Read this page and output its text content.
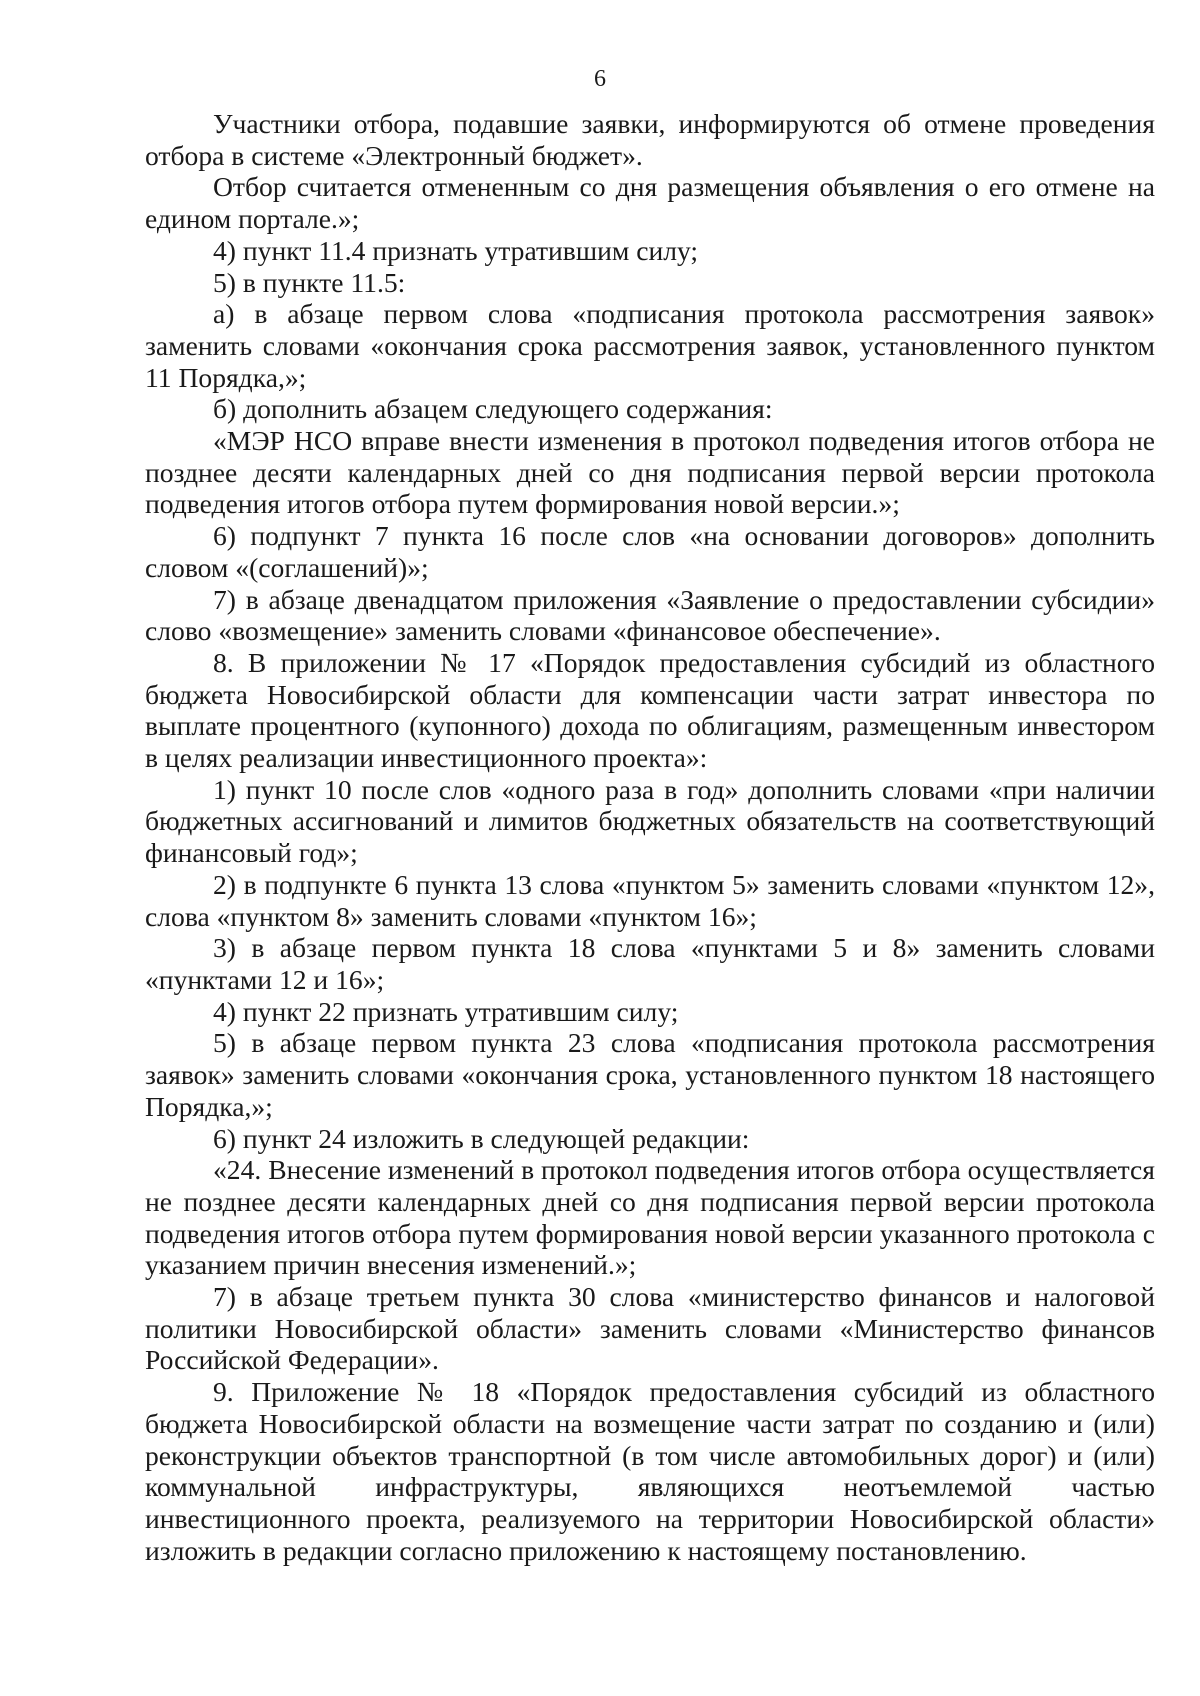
6

Участники отбора, подавшие заявки, информируются об отмене проведения отбора в системе «Электронный бюджет».

Отбор считается отмененным со дня размещения объявления о его отмене на едином портале.»;

4) пункт 11.4 признать утратившим силу;

5) в пункте 11.5:

а) в абзаце первом слова «подписания протокола рассмотрения заявок» заменить словами «окончания срока рассмотрения заявок, установленного пунктом 11 Порядка,»;

б) дополнить абзацем следующего содержания:

«МЭР НСО вправе внести изменения в протокол подведения итогов отбора не позднее десяти календарных дней со дня подписания первой версии протокола подведения итогов отбора путем формирования новой версии.»;

6) подпункт 7 пункта 16 после слов «на основании договоров» дополнить словом «(соглашений)»;

7) в абзаце двенадцатом приложения «Заявление о предоставлении субсидии» слово «возмещение» заменить словами «финансовое обеспечение».

8. В приложении № 17 «Порядок предоставления субсидий из областного бюджета Новосибирской области для компенсации части затрат инвестора по выплате процентного (купонного) дохода по облигациям, размещенным инвестором в целях реализации инвестиционного проекта»:

1) пункт 10 после слов «одного раза в год» дополнить словами «при наличии бюджетных ассигнований и лимитов бюджетных обязательств на соответствующий финансовый год»;

2) в подпункте 6 пункта 13 слова «пунктом 5» заменить словами «пунктом 12», слова «пунктом 8» заменить словами «пунктом 16»;

3) в абзаце первом пункта 18 слова «пунктами 5 и 8» заменить словами «пунктами 12 и 16»;

4) пункт 22 признать утратившим силу;

5) в абзаце первом пункта 23 слова «подписания протокола рассмотрения заявок» заменить словами «окончания срока, установленного пунктом 18 настоящего Порядка,»;

6) пункт 24 изложить в следующей редакции:

«24. Внесение изменений в протокол подведения итогов отбора осуществляется не позднее десяти календарных дней со дня подписания первой версии протокола подведения итогов отбора путем формирования новой версии указанного протокола с указанием причин внесения изменений.»;

7) в абзаце третьем пункта 30 слова «министерство финансов и налоговой политики Новосибирской области» заменить словами «Министерство финансов Российской Федерации».

9. Приложение № 18 «Порядок предоставления субсидий из областного бюджета Новосибирской области на возмещение части затрат по созданию и (или) реконструкции объектов транспортной (в том числе автомобильных дорог) и (или) коммунальной инфраструктуры, являющихся неотъемлемой частью инвестиционного проекта, реализуемого на территории Новосибирской области» изложить в редакции согласно приложению к настоящему постановлению.
